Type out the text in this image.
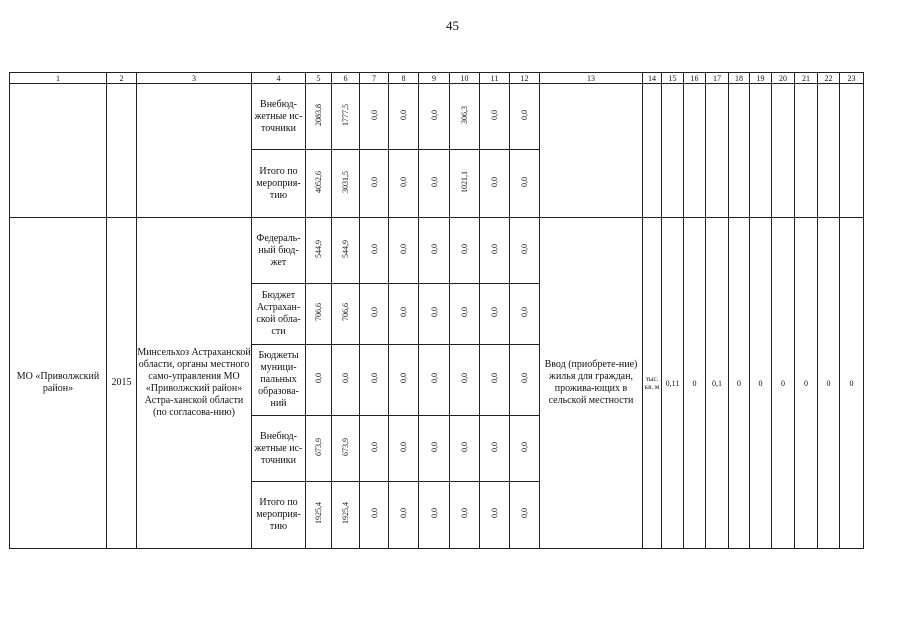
45
1	2	3	4	5	6	7	8	9	10	11	12	13	14	15	16	17	18	19	20	21	22	23
			Внебюд-жетные ис-точники	2083,8	1777,5	0,0	0,0	0,0	306,3	0,0	0,0											
			Итого по мероприя-тию	4052,6	3031,5	0,0	0,0	0,0	1021,1	0,0	0,0											
МО «Приволжский район»	2015	Минсельхоз Астраханской области, органы местного само-управления МО «Приволжский район» Астра-ханской области (по согласова-нию)	Федераль-ный бюд-жет	544,9	544,9	0,0	0,0	0,0	0,0	0,0	0,0	Ввод (приобрете-ние) жилья для граждан, прожива-ющих в сельской местности	тыс. кв. м	0,11	0	0,1	0	0	0	0	0	0
			Бюджет Астрахан-ской обла-сти	706,6	706,6	0,0	0,0	0,0	0,0	0,0	0,0											
			Бюджеты муници-пальных образова-ний	0,0	0,0	0,0	0,0	0,0	0,0	0,0	0,0											
			Внебюд-жетные ис-точники	673,9	673,9	0,0	0,0	0,0	0,0	0,0	0,0											
			Итого по мероприя-тию	1925,4	1925,4	0,0	0,0	0,0	0,0	0,0	0,0											
